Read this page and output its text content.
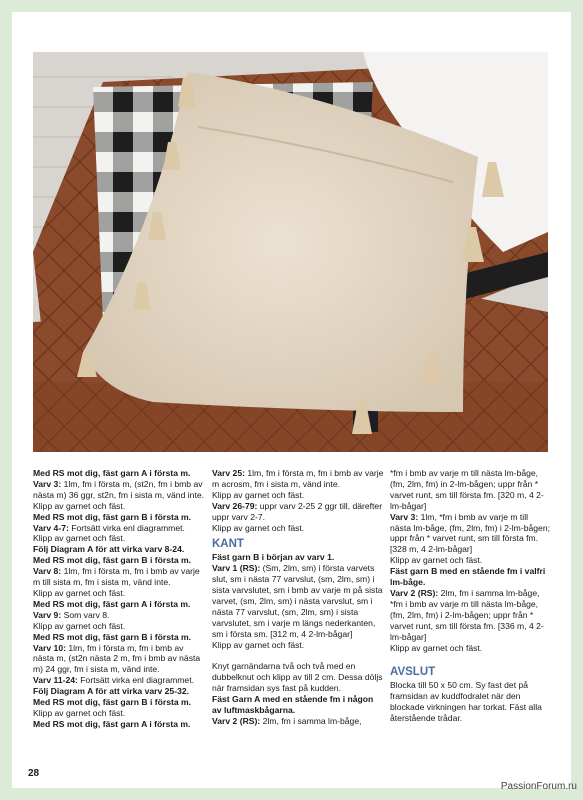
Med RS mot dig, fäst garn A i första m.

Varv 3: 1lm, fm i första m, (st2n, fm i bmb av nästa m) 36 ggr, st2n, fm i sista m, vänd inte.

Klipp av garnet och fäst.

Med RS mot dig, fäst garn B i första m.

Varv 4-7: Fortsätt virka enl diagrammet.

Klipp av garnet och fäst.

Följ Diagram A för att virka varv 8-24.

Med RS mot dig, fäst garn B i första m.

Varv 8: 1lm, fm i första m, fm i bmb av varje m till sista m, fm i sista m, vänd inte.

Klipp av garnet och fäst.

Med RS mot dig, fäst garn A i första m.

Varv 9: Som varv 8.

Klipp av garnet och fäst.

Med RS mot dig, fäst garn B i första m.

Varv 10: 1lm, fm i första m, fm i bmb av nästa m, (st2n nästa 2 m, fm i bmb av nästa m) 24 ggr, fm i sista m, vänd inte.

Varv 11-24: Fortsätt virka enl diagrammet.

Följ Diagram A för att virka varv 25-32.

Med RS mot dig, fäst garn B i första m.

Klipp av garnet och fäst.

Med RS mot dig, fäst garn A i första m.

Varv 25: 1lm, fm i första m, fm i bmb av varje m acrosm, fm i sista m, vänd inte.

Klipp av garnet och fäst.

Varv 26-79: uppr varv 2-25 2 ggr till, därefter uppr varv 2-7.

Klipp av garnet och fäst.

KANT

Fäst garn B i början av varv 1.

Varv 1 (RS): (Sm, 2lm, sm) i första varvets slut, sm i nästa 77 varvslut, (sm, 2lm, sm) i sista varvslutet, sm i bmb av varje m på sista varvet, (sm, 2lm, sm) i nästa varvslut, sm i nästa 77 varvslut, (sm, 2lm, sm) i sista varvslutet, sm i varje m längs nederkanten, sm i första sm. [312 m, 4 2-lm-bågar]

Klipp av garnet och fäst.

Knyt garnändarna två och två med en dubbelknut och klipp av till 2 cm. Dessa döljs när framsidan sys fast på kudden.

Fäst Garn A med en stående fm i någon av luftmaskbågarna.

Varv 2 (RS): 2lm, fm i samma lm-båge,

*fm i bmb av varje m till nästa lm-båge, (fm, 2lm, fm) in 2-lm-bågen; uppr från * varvet runt, sm till första fm. [320 m, 4 2-lm-bågar]

Varv 3: 1lm, *fm i bmb av varje m till nästa lm-båge, (fm, 2lm, fm) i 2-lm-bågen; uppr från * varvet runt, sm till första fm.

[328 m, 4 2-lm-bågar]

Klipp av garnet och fäst.

Fäst garn B med en stående fm i valfri lm-båge.

Varv 2 (RS): 2lm, fm i samma lm-båge, *fm i bmb av varje m till nästa lm-båge, (fm, 2lm, fm) i 2-lm-bågen; uppr från * varvet runt, sm till första fm. [336 m, 4 2-lm-bågar]

Klipp av garnet och fäst.

AVSLUT

Blocka till 50 x 50 cm. Sy fast det på framsidan av kuddfodralet när den blockade virkningen har torkat. Fäst alla återstående trådar.

28
PassionForum.ru
